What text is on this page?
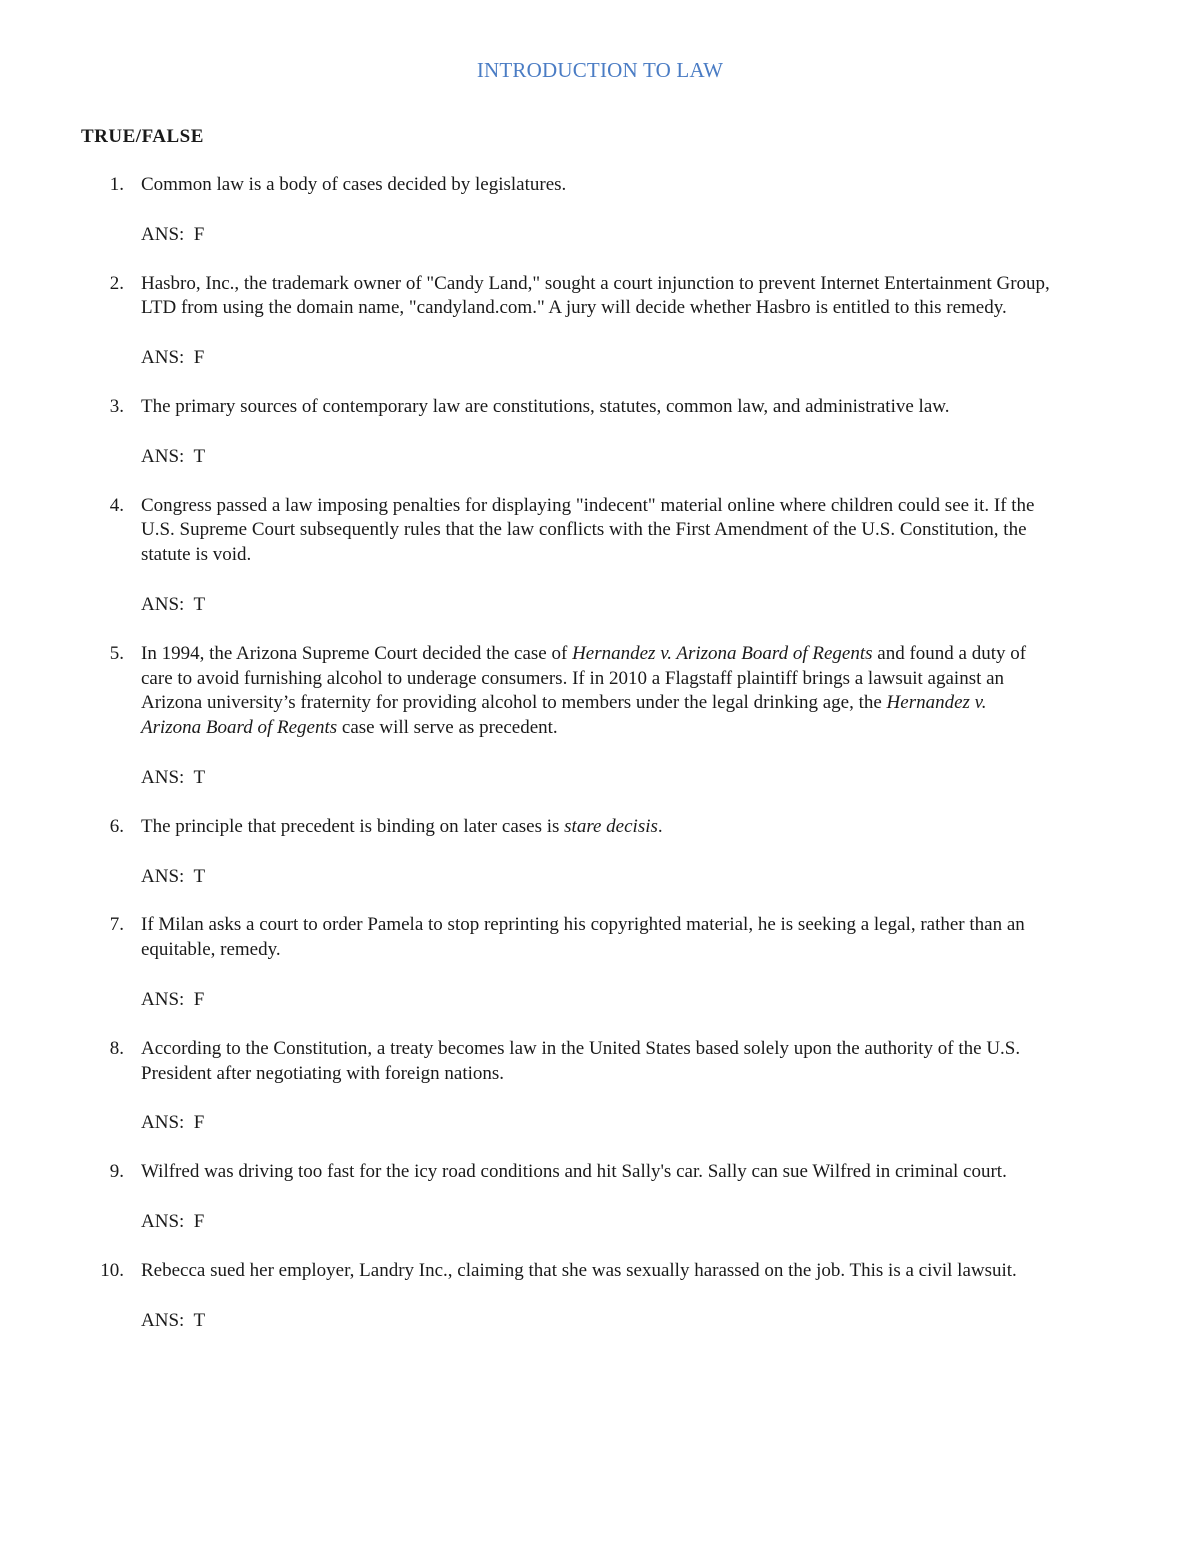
INTRODUCTION TO LAW
TRUE/FALSE
1. Common law is a body of cases decided by legislatures.
ANS: F
2. Hasbro, Inc., the trademark owner of "Candy Land," sought a court injunction to prevent Internet Entertainment Group, LTD from using the domain name, "candyland.com." A jury will decide whether Hasbro is entitled to this remedy.
ANS: F
3. The primary sources of contemporary law are constitutions, statutes, common law, and administrative law.
ANS: T
4. Congress passed a law imposing penalties for displaying "indecent" material online where children could see it. If the U.S. Supreme Court subsequently rules that the law conflicts with the First Amendment of the U.S. Constitution, the statute is void.
ANS: T
5. In 1994, the Arizona Supreme Court decided the case of Hernandez v. Arizona Board of Regents and found a duty of care to avoid furnishing alcohol to underage consumers. If in 2010 a Flagstaff plaintiff brings a lawsuit against an Arizona university’s fraternity for providing alcohol to members under the legal drinking age, the Hernandez v. Arizona Board of Regents case will serve as precedent.
ANS: T
6. The principle that precedent is binding on later cases is stare decisis.
ANS: T
7. If Milan asks a court to order Pamela to stop reprinting his copyrighted material, he is seeking a legal, rather than an equitable, remedy.
ANS: F
8. According to the Constitution, a treaty becomes law in the United States based solely upon the authority of the U.S. President after negotiating with foreign nations.
ANS: F
9. Wilfred was driving too fast for the icy road conditions and hit Sally's car. Sally can sue Wilfred in criminal court.
ANS: F
10. Rebecca sued her employer, Landry Inc., claiming that she was sexually harassed on the job. This is a civil lawsuit.
ANS: T
